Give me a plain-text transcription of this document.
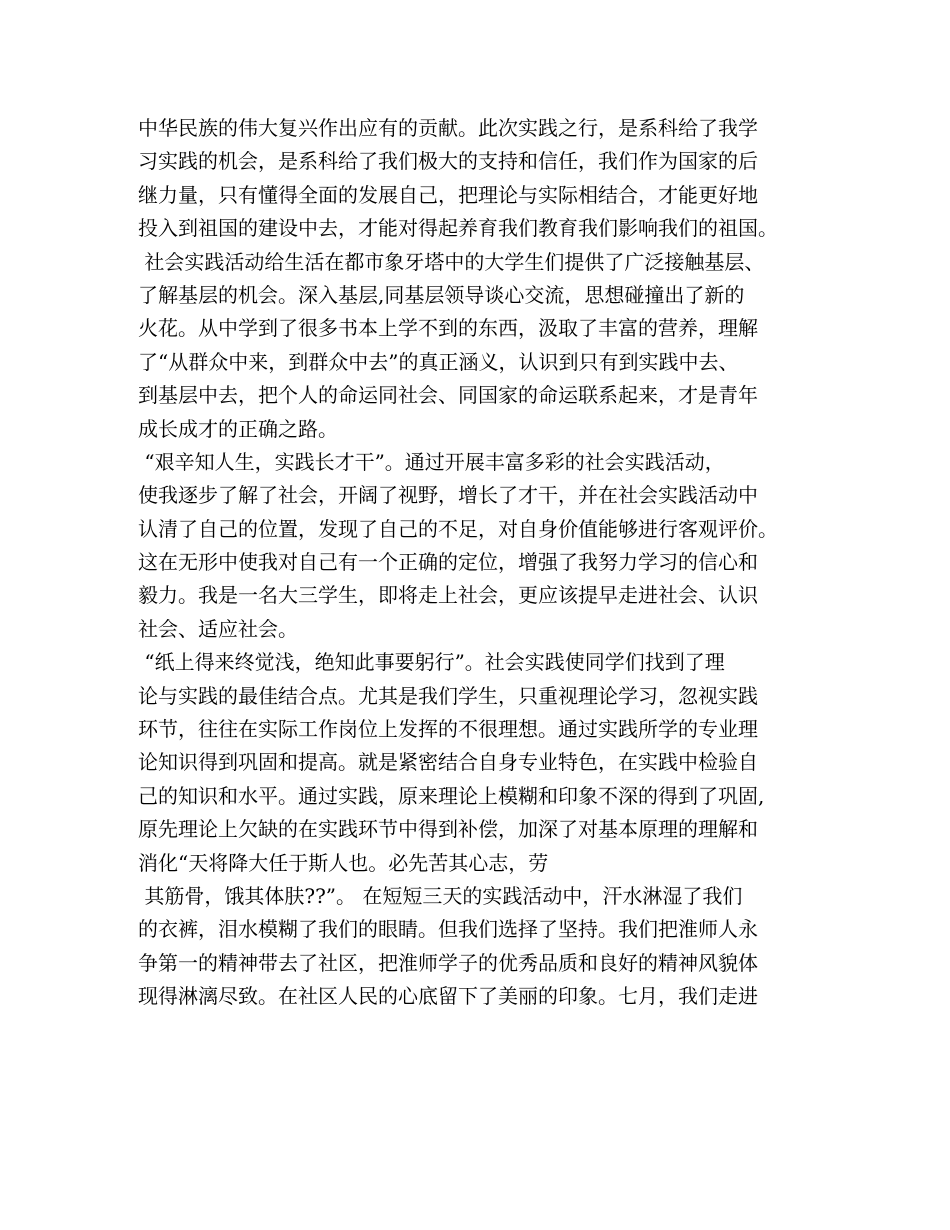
中华民族的伟大复兴作出应有的贡献。此次实践之行，是系科给了我学
习实践的机会，是系科给了我们极大的支持和信任，我们作为国家的后
继力量，只有懂得全面的发展自己，把理论与实际相结合，才能更好地
投入到祖国的建设中去，才能对得起养育我们教育我们影响我们的祖国。
社会实践活动给生活在都市象牙塔中的大学生们提供了广泛接触基层、
了解基层的机会。深入基层,同基层领导谈心交流，思想碰撞出了新的
火花。从中学到了很多书本上学不到的东西，汲取了丰富的营养，理解
了“从群众中来，到群众中去”的真正涵义，认识到只有到实践中去、
到基层中去，把个人的命运同社会、同国家的命运联系起来，才是青年
成长成才的正确之路。
“艰辛知人生，实践长才干”。通过开展丰富多彩的社会实践活动，
使我逐步了解了社会，开阔了视野，增长了才干，并在社会实践活动中
认清了自己的位置，发现了自己的不足，对自身价值能够进行客观评价。
这在无形中使我对自己有一个正确的定位，增强了我努力学习的信心和
毅力。我是一名大三学生，即将走上社会，更应该提早走进社会、认识
社会、适应社会。
“纸上得来终觉浅，绝知此事要躬行”。社会实践使同学们找到了理
论与实践的最佳结合点。尤其是我们学生，只重视理论学习，忽视实践
环节，往往在实际工作岗位上发挥的不很理想。通过实践所学的专业理
论知识得到巩固和提高。就是紧密结合自身专业特色，在实践中检验自
己的知识和水平。通过实践，原来理论上模糊和印象不深的得到了巩固,
原先理论上欠缺的在实践环节中得到补偿，加深了对基本原理的理解和
消化“天将降大任于斯人也。必先苦其心志，劳
其筋骨，饿其体肤??”。 在短短三天的实践活动中，汗水淋湿了我们
的衣裤，泪水模糊了我们的眼睛。但我们选择了坚持。我们把淮师人永
争第一的精神带去了社区，把淮师学子的优秀品质和良好的精神风貌体
现得淋漓尽致。在社区人民的心底留下了美丽的印象。七月，我们走进
